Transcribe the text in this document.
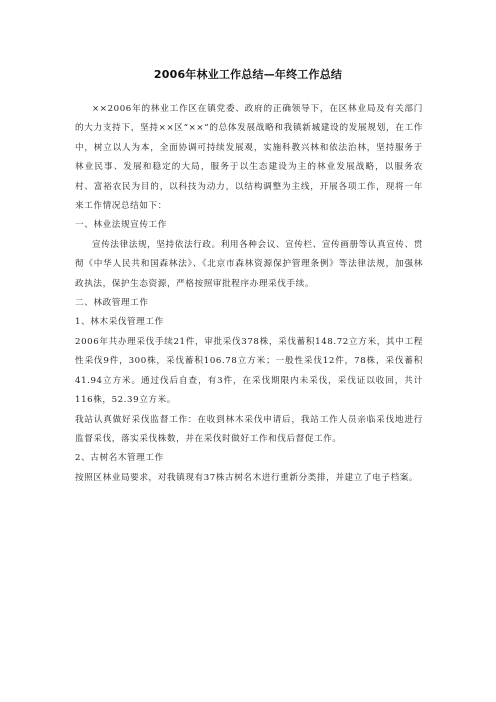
2006年林业工作总结—年终工作总结

××2006年的林业工作区在镇党委、政府的正确领导下，在区林业局及有关部门的大力支持下，坚持××区“××”的总体发展战略和我镇新城建设的发展规划，在工作中，树立以人为本，全面协调可持续发展观，实施科教兴林和依法治林，坚持服务于林业民事、发展和稳定的大局，服务于以生态建设为主的林业发展战略，以服务农村、富裕农民为目的，以科技为动力，以结构调整为主线，开展各项工作，现将一年来工作情况总结如下：

一、林业法规宣传工作

宣传法律法规，坚持依法行政。利用各种会议、宣传栏、宣传画册等认真宣传、贯彻《中华人民共和国森林法》、《北京市森林资源保护管理条例》等法律法规，加强林政执法，保护生态资源，严格按照审批程序办理采伐手续。

二、林政管理工作

1、林木采伐管理工作

2006年共办理采伐手续21件，审批采伐378株，采伐蓄积148.72立方米，其中工程性采伐9件，300株，采伐蓄积106.78立方米；一般性采伐12件，78株，采伐蓄积41.94立方米。通过伐后自查，有3件，在采伐期限内未采伐，采伐证以收回，共计116株，52.39立方米。

我站认真做好采伐监督工作：在收到林木采伐申请后，我站工作人员亲临采伐地进行监督采伐，落实采伐株数，并在采伐时做好工作和伐后督促工作。

2、古树名木管理工作

按照区林业局要求，对我镇现有37株古树名木进行重新分类排，并建立了电子档案。
